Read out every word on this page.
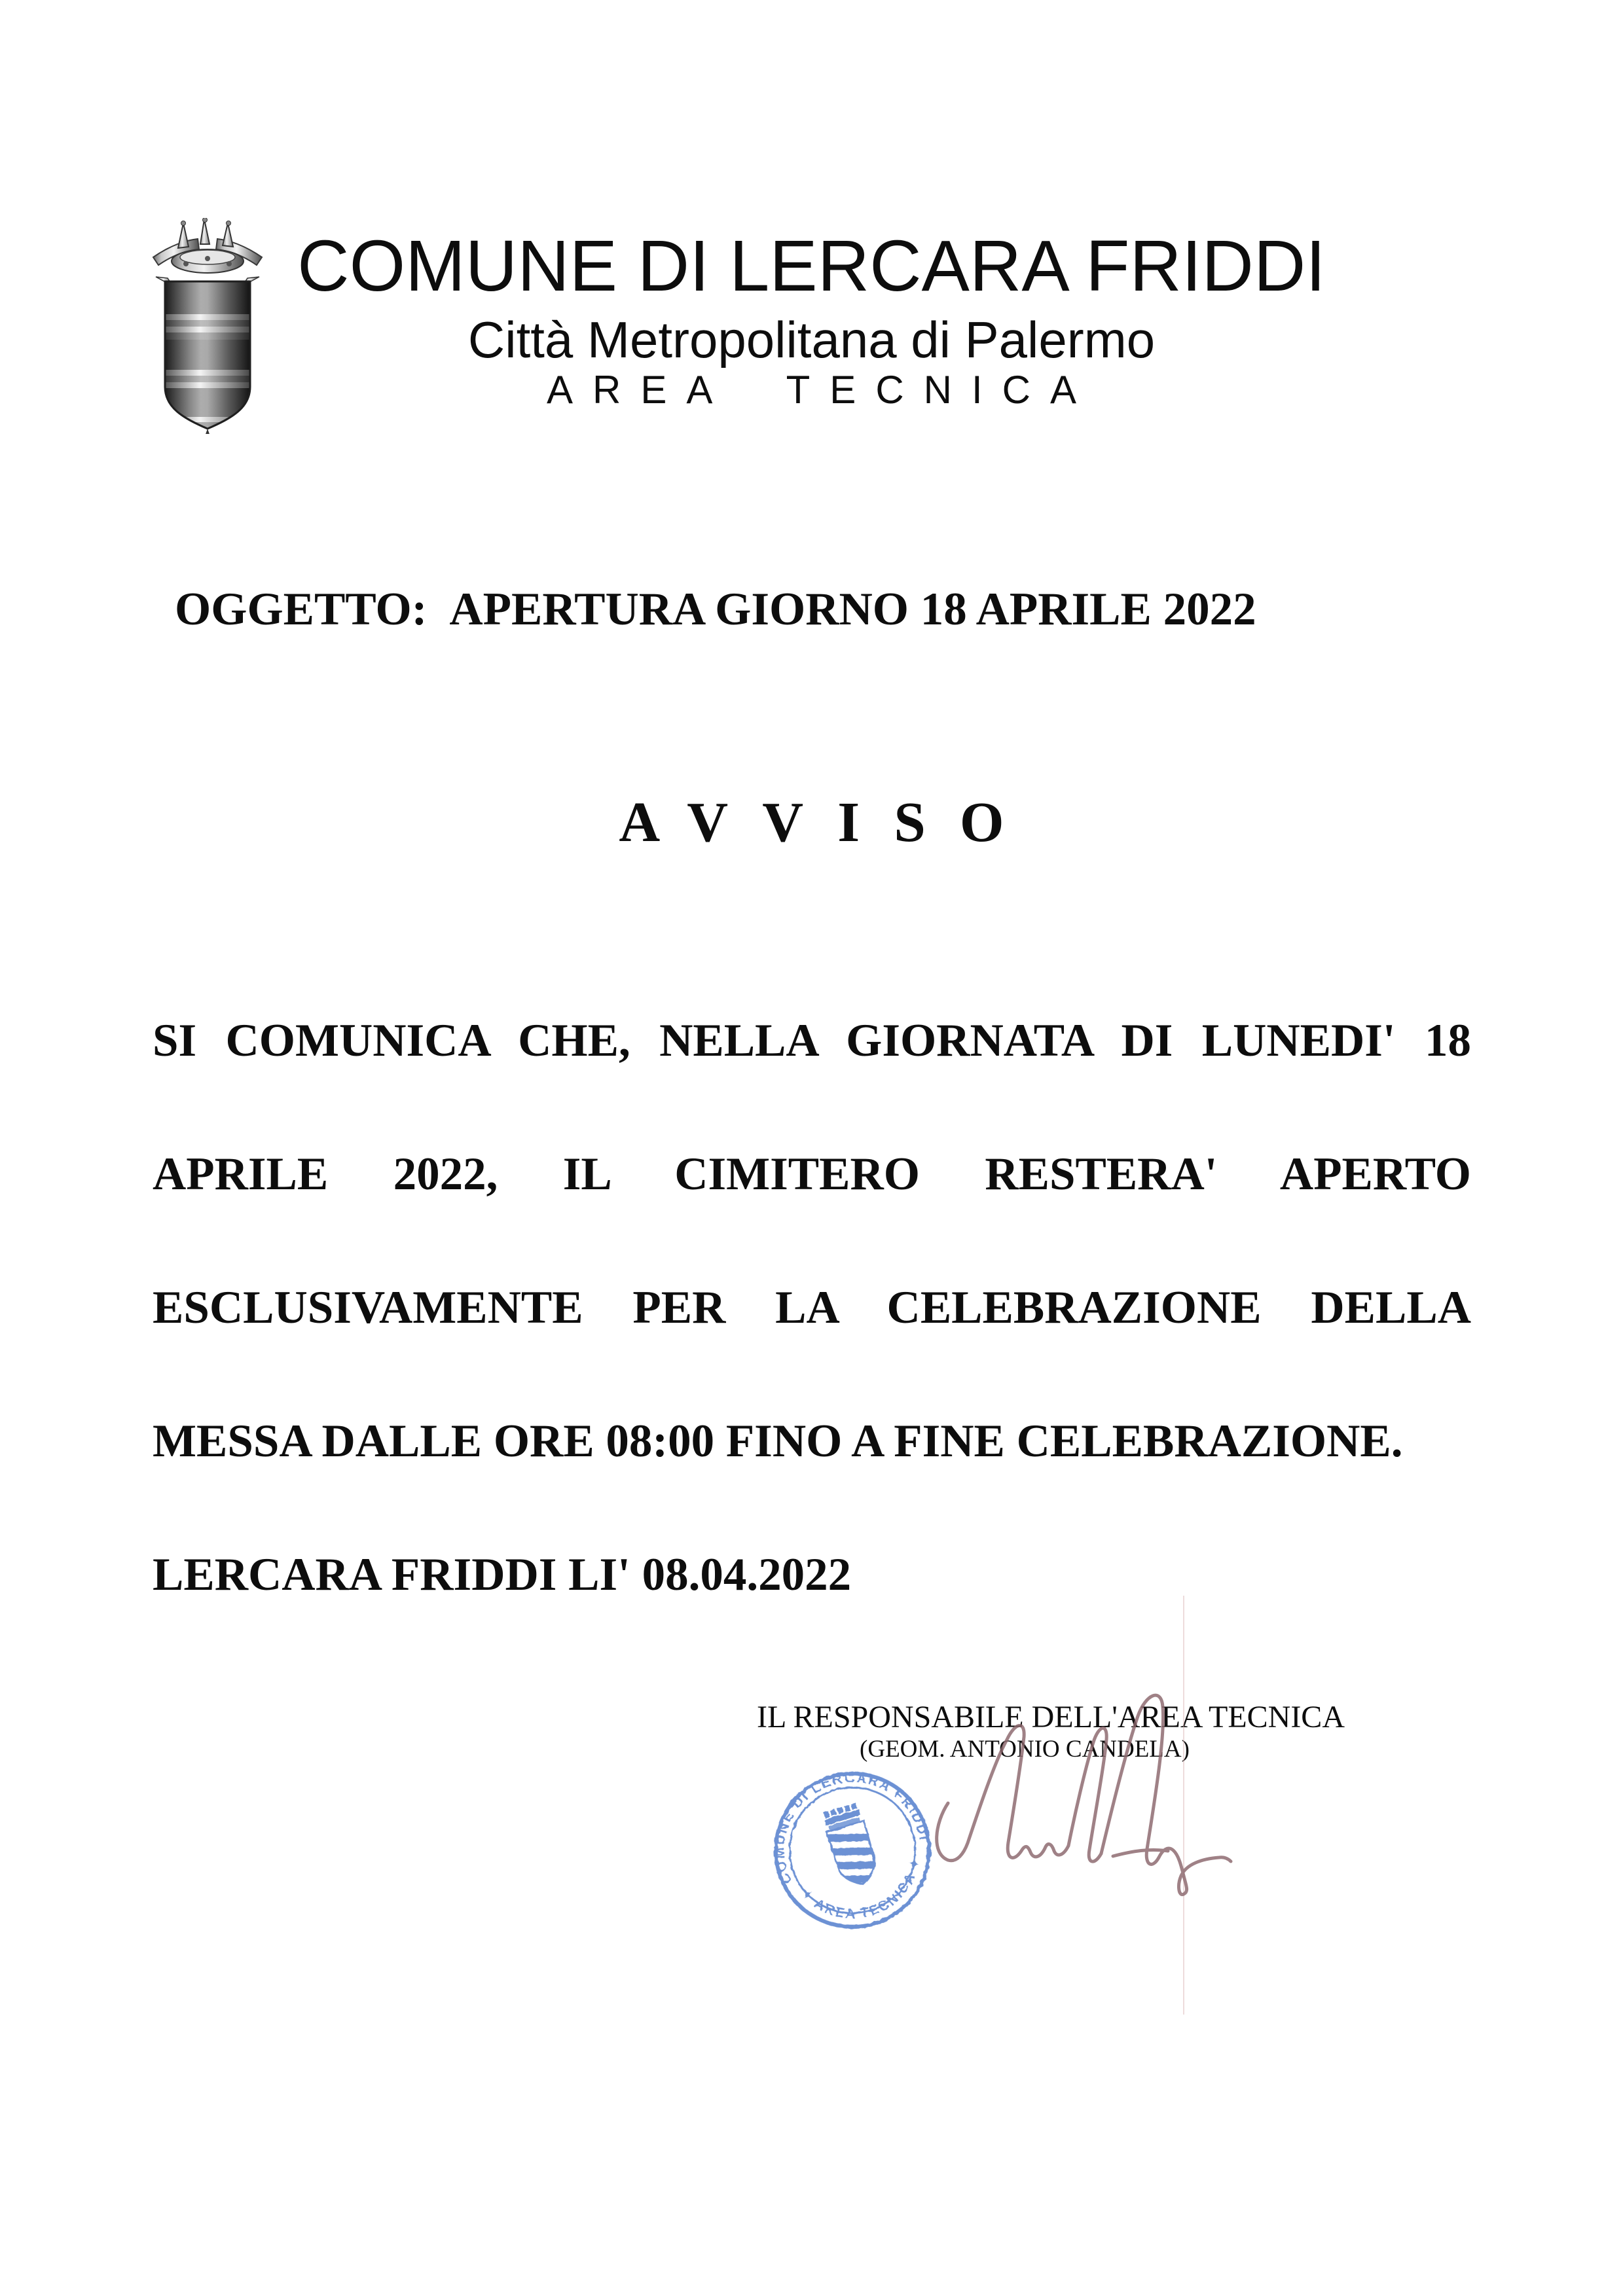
COMUNE DI LERCARA FRIDDI
Città Metropolitana di Palermo
AREA TECNICA
OGGETTO: APERTURA GIORNO 18 APRILE 2022
AVVISO
SI COMUNICA CHE, NELLA GIORNATA DI LUNEDI' 18
APRILE 2022, IL CIMITERO RESTERA' APERTO
ESCLUSIVAMENTE PER LA CELEBRAZIONE DELLA
MESSA DALLE ORE 08:00 FINO A FINE CELEBRAZIONE.
LERCARA FRIDDI LI' 08.04.2022
IL RESPONSABILE DELL'AREA TECNICA
(GEOM. ANTONIO CANDELA)
COMUNE DI LERCARA FRIDDI
✦ AREA TECNICA ✦
